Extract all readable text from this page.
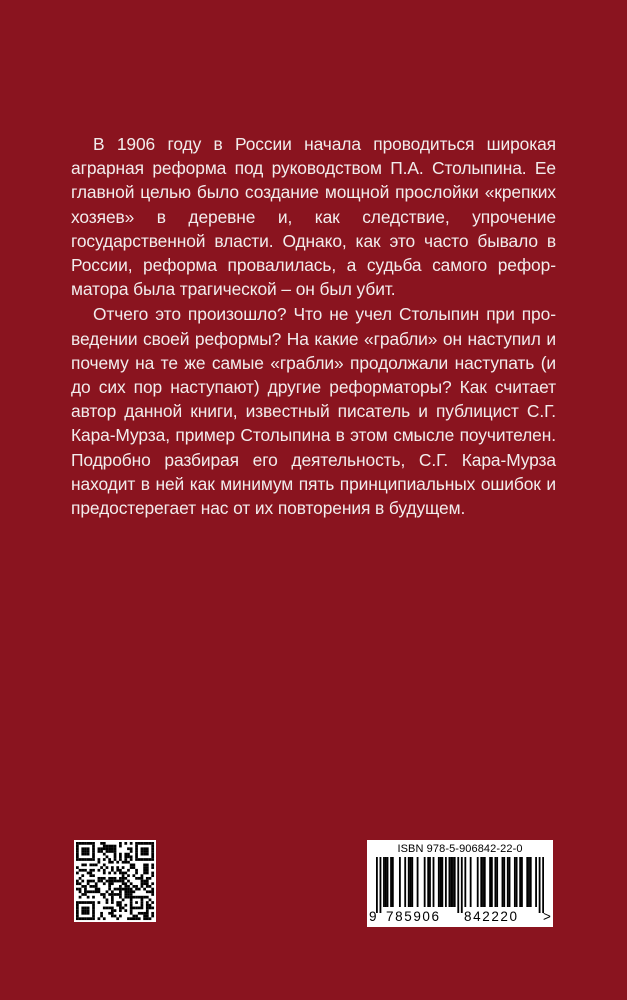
В 1906 году в России начала проводиться широкая аграрная реформа под руководством П.А. Столыпина. Ее главной целью было создание мощной прослойки «крепких хозяев» в деревне и, как следствие, упрочение государственной власти. Однако, как это часто бывало в России, реформа провалилась, а судьба самого реформатора была трагической – он был убит.

Отчего это произошло? Что не учел Столыпин при проведении своей реформы? На какие «грабли» он наступил и почему на те же самые «грабли» продолжали наступать (и до сих пор наступают) другие реформаторы? Как считает автор данной книги, известный писатель и публицист С.Г. Кара-Мурза, пример Столыпина в этом смысле поучителен. Подробно разбирая его деятельность, С.Г. Кара-Мурза находит в ней как минимум пять принципиальных ошибок и предостерегает нас от их повторения в будущем.

ISBN 978-5-906842-22-0
9 785906 842220 >
